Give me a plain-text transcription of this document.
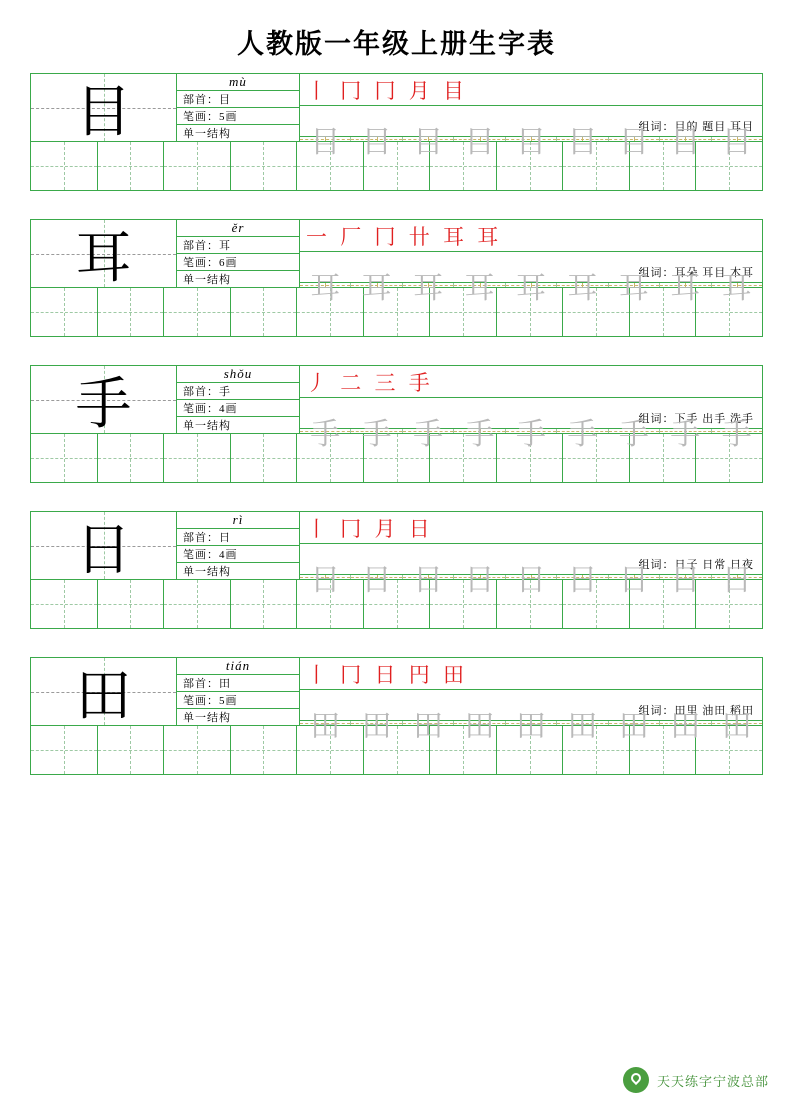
人教版一年级上册生字表
目	mù
部首：目
笔画：5画
单一结构
丨 冂 冂 月 目
组词：目的 题目 耳目
目 目 目 目 目 目 目 目 目
耳	ěr
部首：耳
笔画：6画
单一结构
一 厂 冂 卄 耳 耳
组词：耳朵 耳目 木耳
耳 耳 耳 耳 耳 耳 耳 耳 耳
手	shǒu
部首：手
笔画：4画
单一结构
丿 二 三 手
组词：下手 出手 洗手
手 手 手 手 手 手 手 手 手
日	rì
部首：日
笔画：4画
单一结构
丨 冂 月 日
组词：日子 日常 日夜
日 日 日 日 日 日 日 日 日
田	tián
部首：田
笔画：5画
单一结构
丨 冂 日 円 田
组词：田里 油田 稻田
田 田 田 田 田 田 田 田 田
天天练字宁波总部
